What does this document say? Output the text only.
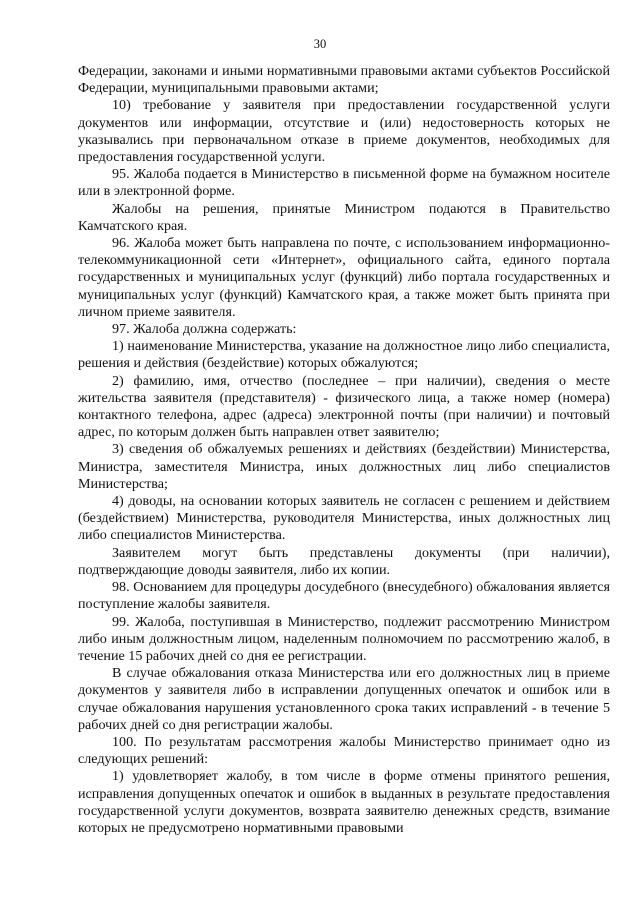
30

Федерации, законами и иными нормативными правовыми актами субъектов Российской Федерации, муниципальными правовыми актами;

10) требование у заявителя при предоставлении государственной услуги документов или информации, отсутствие и (или) недостоверность которых не указывались при первоначальном отказе в приеме документов, необходимых для предоставления государственной услуги.

95. Жалоба подается в Министерство в письменной форме на бумажном носителе или в электронной форме.

Жалобы на решения, принятые Министром подаются в Правительство Камчатского края.

96. Жалоба может быть направлена по почте, с использованием информационно-телекоммуникационной сети «Интернет», официального сайта, единого портала государственных и муниципальных услуг (функций) либо портала государственных и муниципальных услуг (функций) Камчатского края, а также может быть принята при личном приеме заявителя.

97. Жалоба должна содержать:

1) наименование Министерства, указание на должностное лицо либо специалиста, решения и действия (бездействие) которых обжалуются;

2) фамилию, имя, отчество (последнее – при наличии), сведения о месте жительства заявителя (представителя) - физического лица, а также номер (номера) контактного телефона, адрес (адреса) электронной почты (при наличии) и почтовый адрес, по которым должен быть направлен ответ заявителю;

3) сведения об обжалуемых решениях и действиях (бездействии) Министерства, Министра, заместителя Министра, иных должностных лиц либо специалистов Министерства;

4) доводы, на основании которых заявитель не согласен с решением и действием (бездействием) Министерства, руководителя Министерства, иных должностных лиц либо специалистов Министерства.

Заявителем могут быть представлены документы (при наличии), подтверждающие доводы заявителя, либо их копии.

98. Основанием для процедуры досудебного (внесудебного) обжалования является поступление жалобы заявителя.

99. Жалоба, поступившая в Министерство, подлежит рассмотрению Министром либо иным должностным лицом, наделенным полномочием по рассмотрению жалоб, в течение 15 рабочих дней со дня ее регистрации.

В случае обжалования отказа Министерства или его должностных лиц в приеме документов у заявителя либо в исправлении допущенных опечаток и ошибок или в случае обжалования нарушения установленного срока таких исправлений - в течение 5 рабочих дней со дня регистрации жалобы.

100. По результатам рассмотрения жалобы Министерство принимает одно из следующих решений:

1) удовлетворяет жалобу, в том числе в форме отмены принятого решения, исправления допущенных опечаток и ошибок в выданных в результате предоставления государственной услуги документов, возврата заявителю денежных средств, взимание которых не предусмотрено нормативными правовыми
